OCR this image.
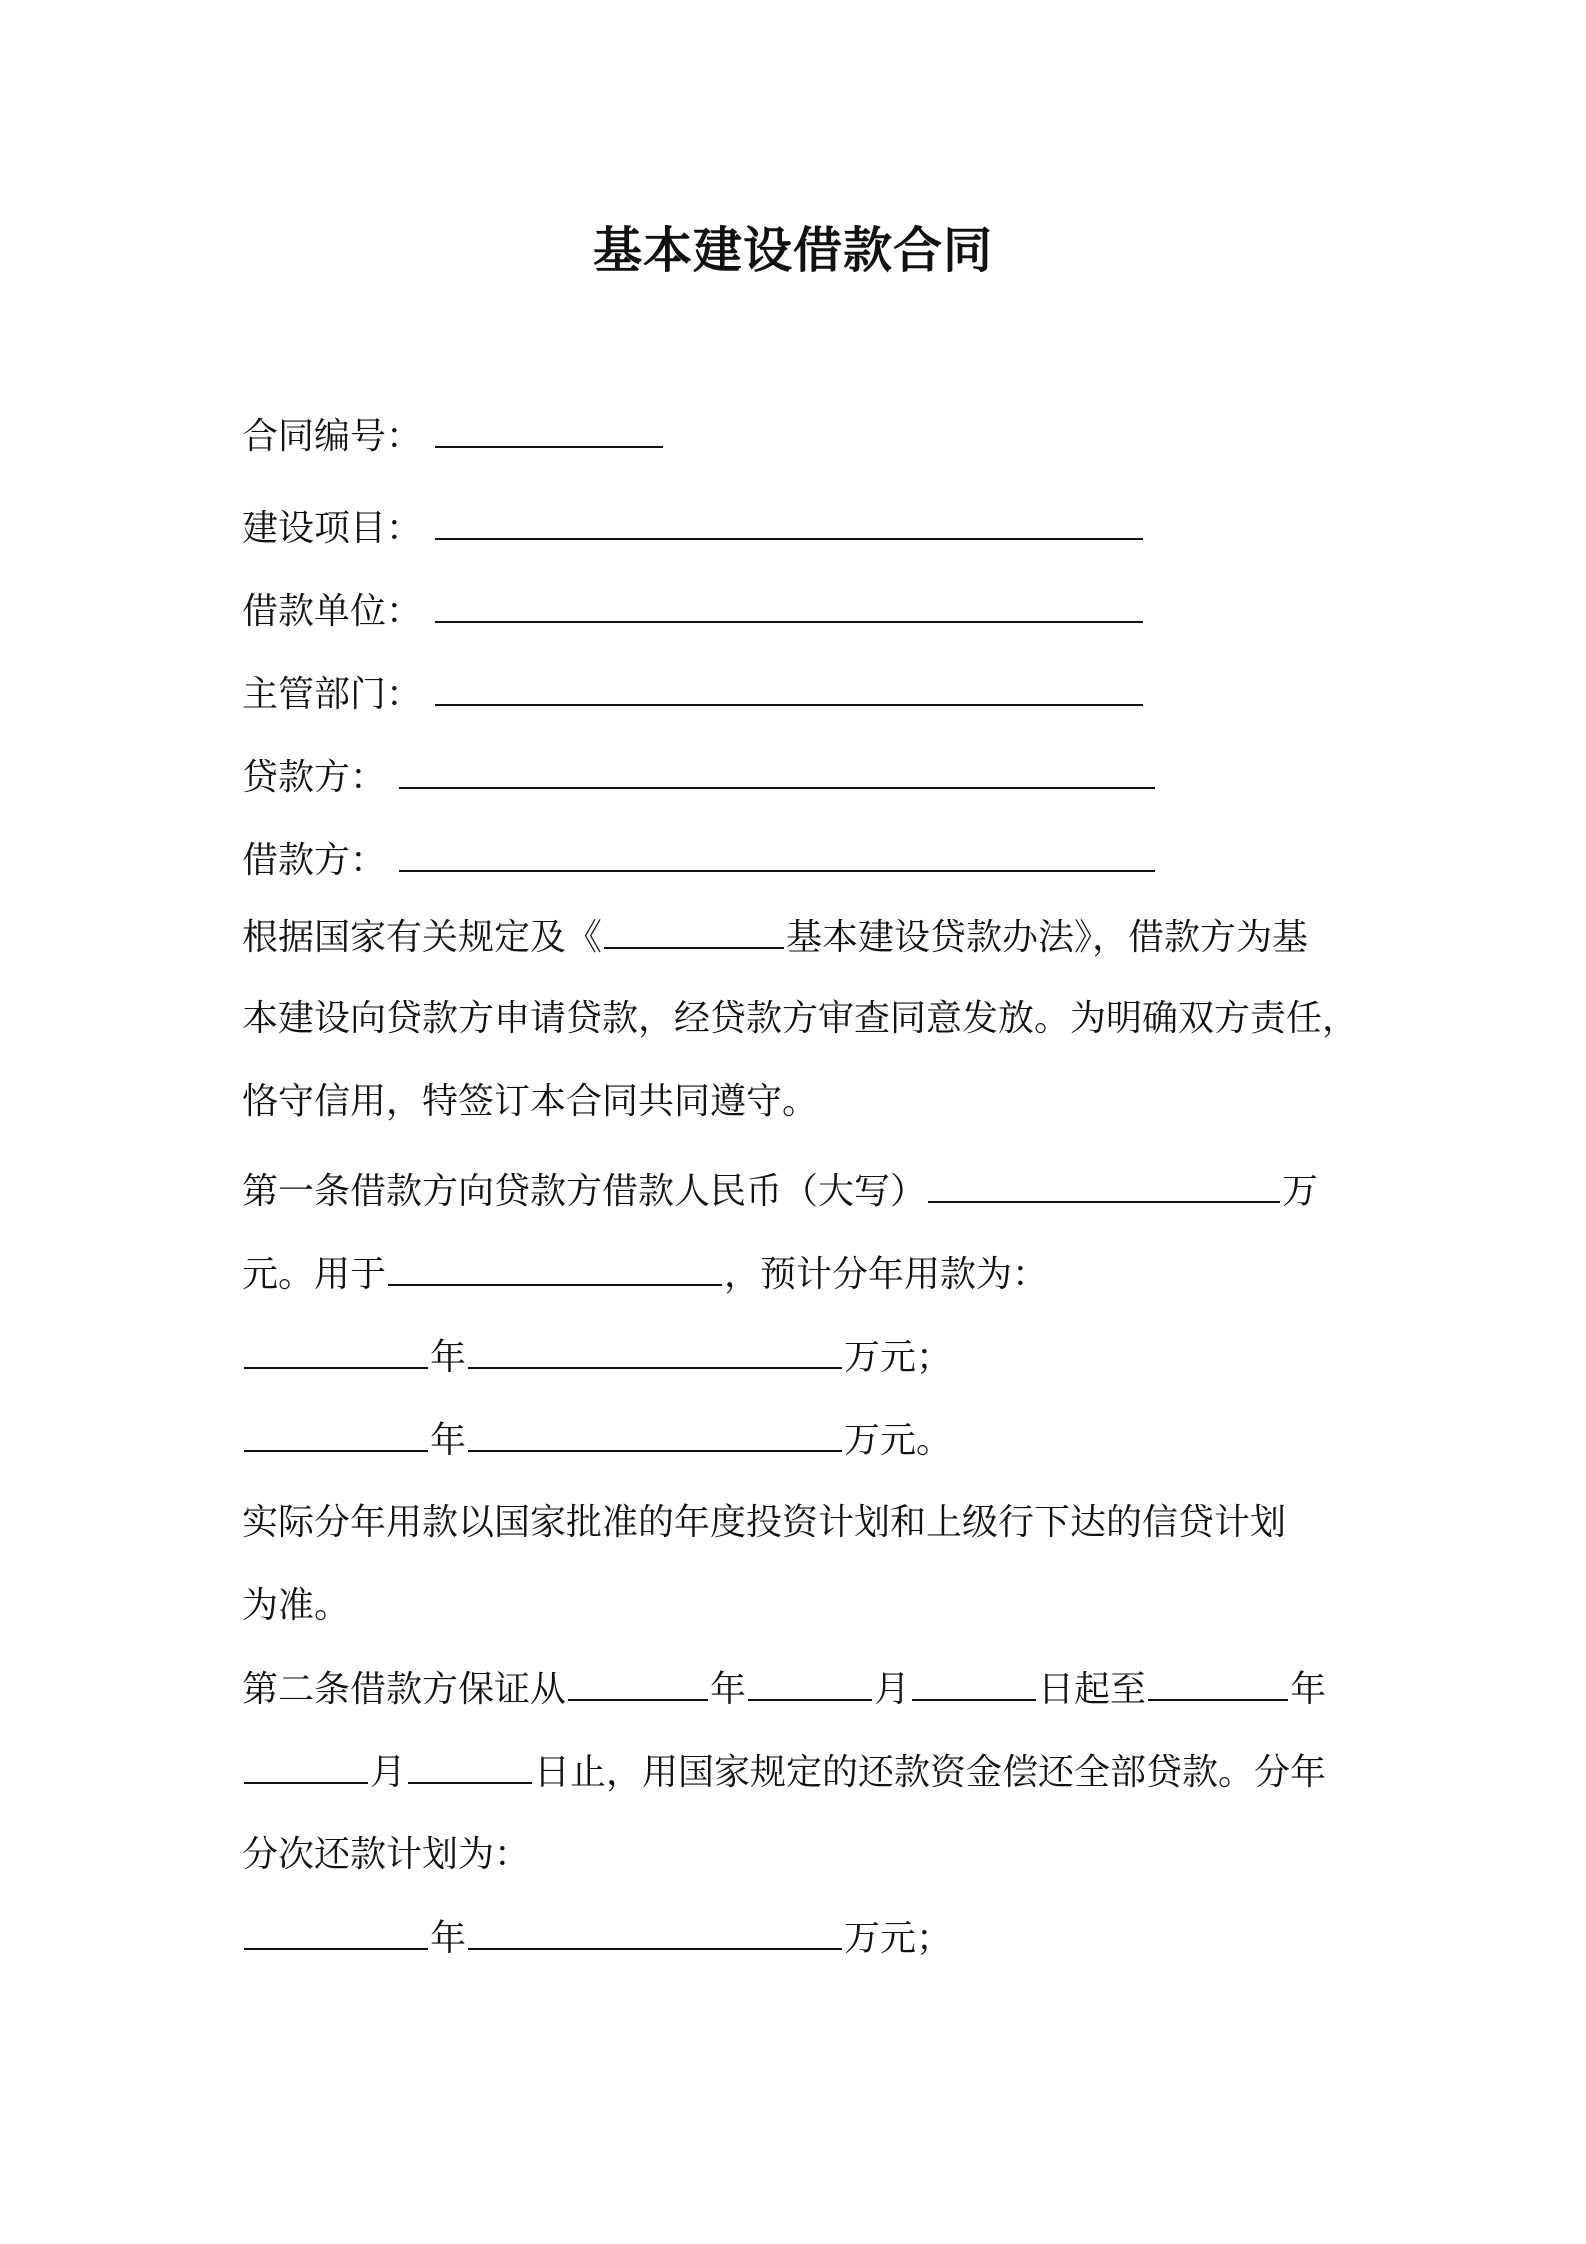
基本建设借款合同
合同编号：
建设项目：
借款单位：
主管部门：
贷款方：
借款方：
根据国家有关规定及《	基本建设贷款办法》，借款方为基
本建设向贷款方申请贷款，经贷款方审查同意发放。为明确双方责任，
恪守信用，特签订本合同共同遵守。
第一条借款方向贷款方借款人民币（大写）	万
元。用于	，预计分年用款为：
年	万元；
年	万元。
实际分年用款以国家批准的年度投资计划和上级行下达的信贷计划
为准。
第二条借款方保证从	年	月	日起至	年
月	日止，用国家规定的还款资金偿还全部贷款。分年
分次还款计划为：
年	万元；
